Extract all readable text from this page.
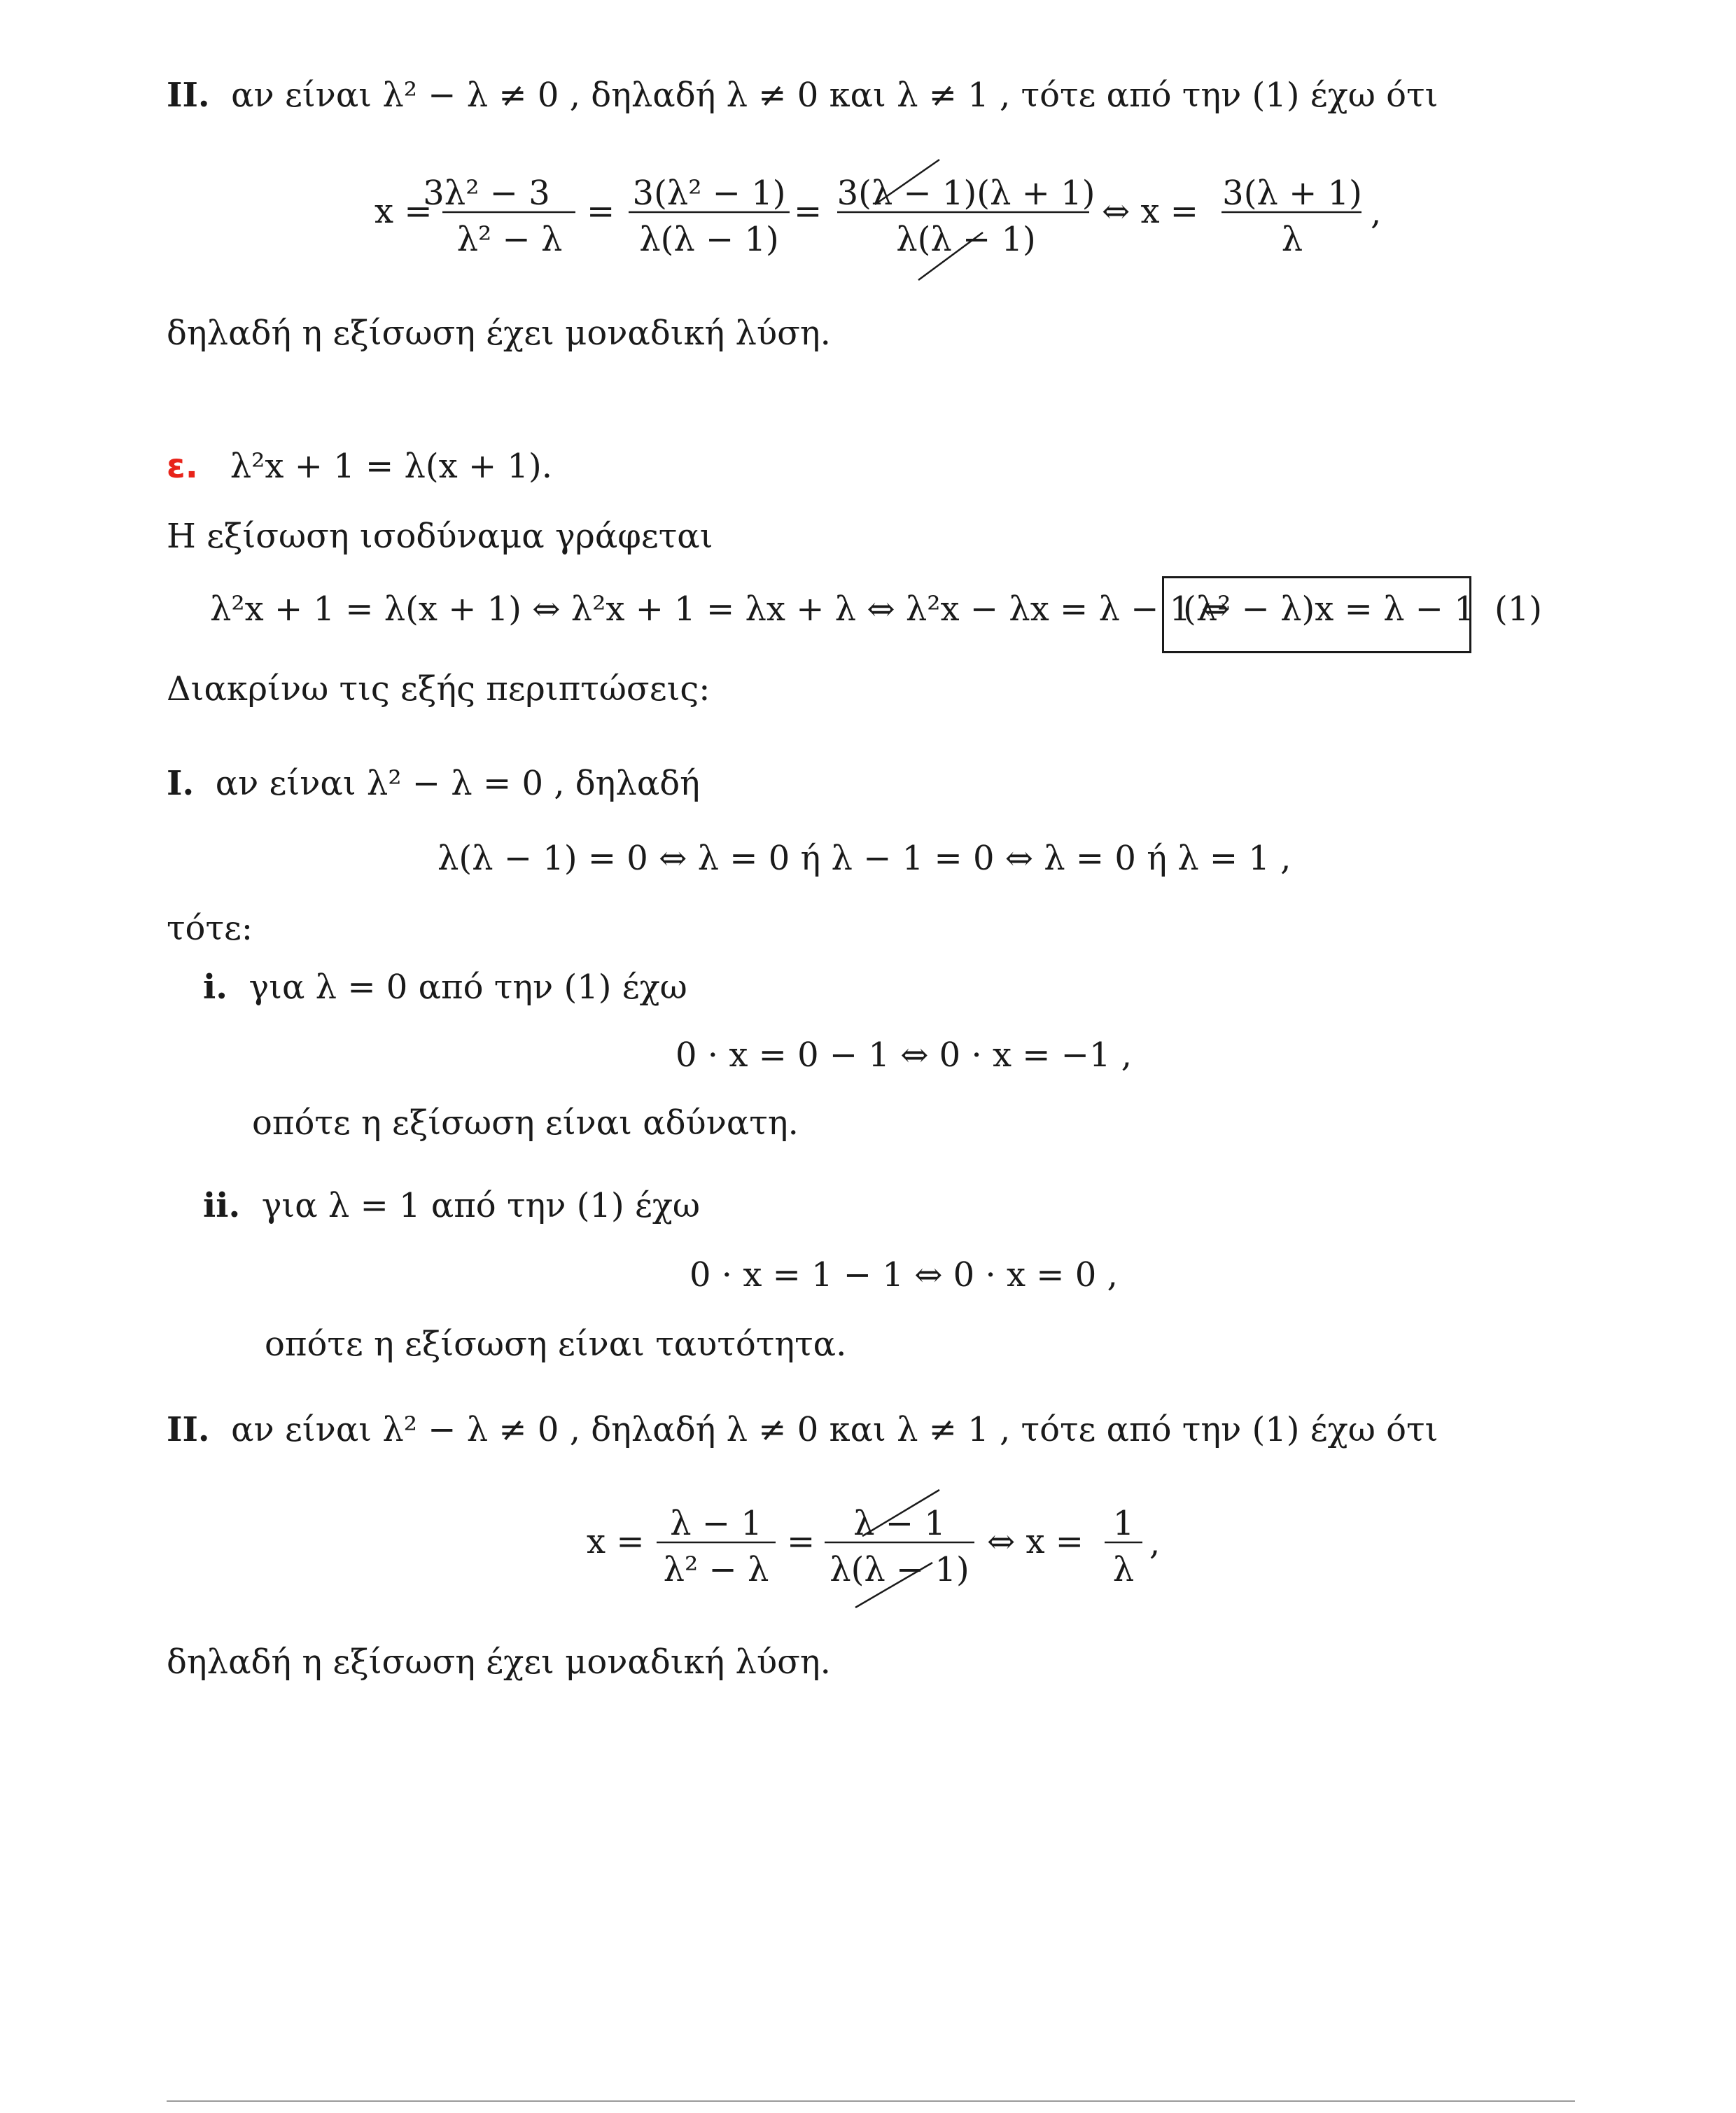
II. αν είναι λ² − λ ≠ 0 , δηλαδή λ ≠ 0 και λ ≠ 1 , τότε από την (1) έχω ότι
x =
3λ² − 3
λ² − λ
= 3(λ² − 1)
λ(λ − 1)
= 3(λ − 1)(λ + 1)
λ(λ − 1)
⇔ x = 3(λ + 1)
λ
,
δηλαδή η εξίσωση έχει μοναδική λύση.
ε. λ²x + 1 = λ(x + 1).
Η εξίσωση ισοδύναμα γράφεται
λ²x + 1 = λ(x + 1) ⇔ λ²x + 1 = λx + λ ⇔ λ²x − λx = λ − 1 ⇔
(λ² − λ)x = λ − 1 (1)
Διακρίνω τις εξής περιπτώσεις:
I. αν είναι λ² − λ = 0 , δηλαδή
λ(λ − 1) = 0 ⇔ λ = 0 ή λ − 1 = 0 ⇔ λ = 0 ή λ = 1 ,
τότε:
i. για λ = 0 από την (1) έχω
0 · x = 0 − 1 ⇔ 0 · x = −1 ,
οπότε η εξίσωση είναι αδύνατη.
ii. για λ = 1 από την (1) έχω
0 · x = 1 − 1 ⇔ 0 · x = 0 ,
οπότε η εξίσωση είναι ταυτότητα.
II. αν είναι λ² − λ ≠ 0 , δηλαδή λ ≠ 0 και λ ≠ 1 , τότε από την (1) έχω ότι
x = λ − 1
λ² − λ
= λ − 1
λ(λ − 1)
⇔ x = 1
λ
,
δηλαδή η εξίσωση έχει μοναδική λύση.
